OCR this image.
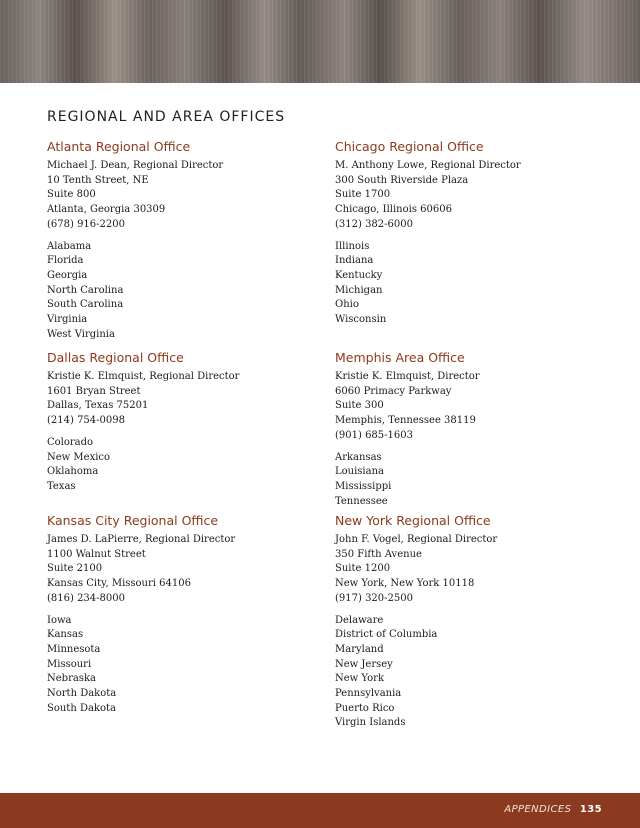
REGIONAL AND AREA OFFICES
Atlanta Regional Office
Michael J. Dean, Regional Director
10 Tenth Street, NE
Suite 800
Atlanta, Georgia 30309
(678) 916-2200
Alabama
Florida
Georgia
North Carolina
South Carolina
Virginia
West Virginia
Chicago Regional Office
M. Anthony Lowe, Regional Director
300 South Riverside Plaza
Suite 1700
Chicago, Illinois 60606
(312) 382-6000
Illinois
Indiana
Kentucky
Michigan
Ohio
Wisconsin
Dallas Regional Office
Kristie K. Elmquist, Regional Director
1601 Bryan Street
Dallas, Texas 75201
(214) 754-0098
Colorado
New Mexico
Oklahoma
Texas
Memphis Area Office
Kristie K. Elmquist, Director
6060 Primacy Parkway
Suite 300
Memphis, Tennessee 38119
(901) 685-1603
Arkansas
Louisiana
Mississippi
Tennessee
Kansas City Regional Office
James D. LaPierre, Regional Director
1100 Walnut Street
Suite 2100
Kansas City, Missouri 64106
(816) 234-8000
Iowa
Kansas
Minnesota
Missouri
Nebraska
North Dakota
South Dakota
New York Regional Office
John F. Vogel, Regional Director
350 Fifth Avenue
Suite 1200
New York, New York 10118
(917) 320-2500
Delaware
District of Columbia
Maryland
New Jersey
New York
Pennsylvania
Puerto Rico
Virgin Islands
APPENDICES 135
